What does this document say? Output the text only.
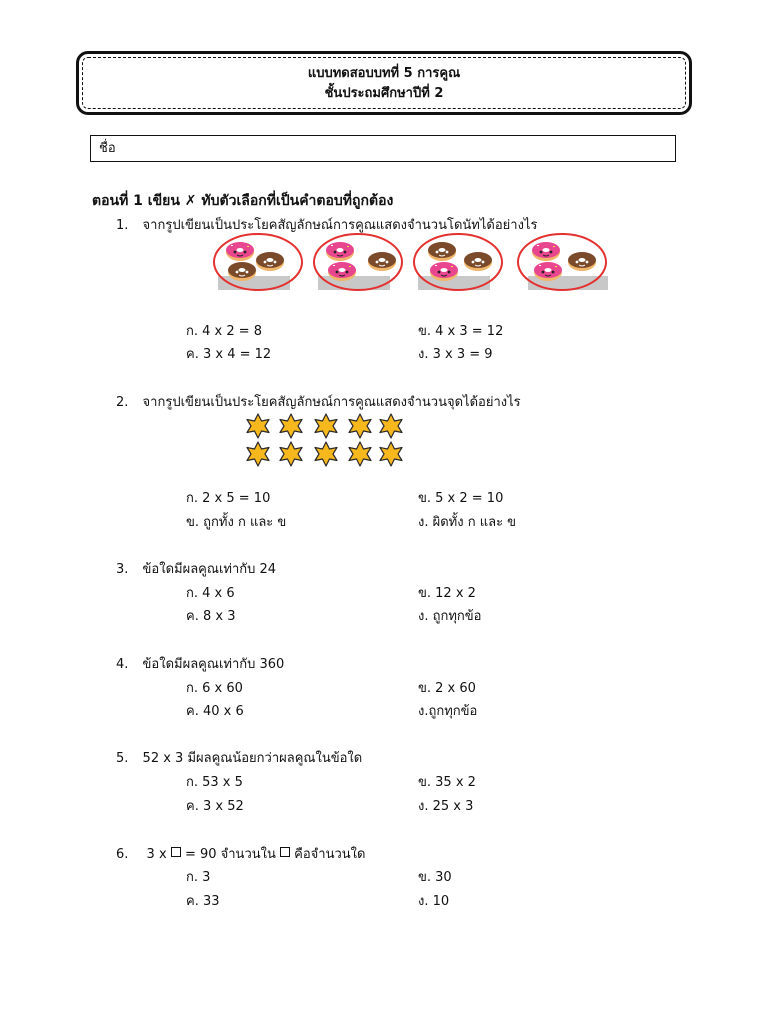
แบบทดสอบบทที่ 5 การคูณ
ชั้นประถมศึกษาปีที่ 2
ชื่อ
ตอนที่ 1 เขียน ✗ ทับตัวเลือกที่เป็นคำตอบที่ถูกต้อง
1. จากรูปเขียนเป็นประโยคสัญลักษณ์การคูณแสดงจำนวนโดนัทได้อย่างไร
ก. 4 x 2 = 8	ข. 4 x 3 = 12
ค. 3 x 4 = 12	ง. 3 x 3 = 9
2. จากรูปเขียนเป็นประโยคสัญลักษณ์การคูณแสดงจำนวนจุดได้อย่างไร
ก. 2 x 5 = 10	ข. 5 x 2 = 10
ข. ถูกทั้ง ก และ ข	ง. ผิดทั้ง ก และ ข
3. ข้อใดมีผลคูณเท่ากับ 24
ก. 4 x 6	ข. 12 x 2
ค. 8 x 3	ง. ถูกทุกข้อ
4. ข้อใดมีผลคูณเท่ากับ 360
ก. 6 x 60	ข. 2 x 60
ค. 40 x 6	ง.ถูกทุกข้อ
5. 52 x 3 มีผลคูณน้อยกว่าผลคูณในข้อใด
ก. 53 x 5	ข. 35 x 2
ค. 3 x 52	ง. 25 x 3
6. 3 x = 90 จำนวนใน คือจำนวนใด
ก. 3	ข. 30
ค. 33	ง. 10
